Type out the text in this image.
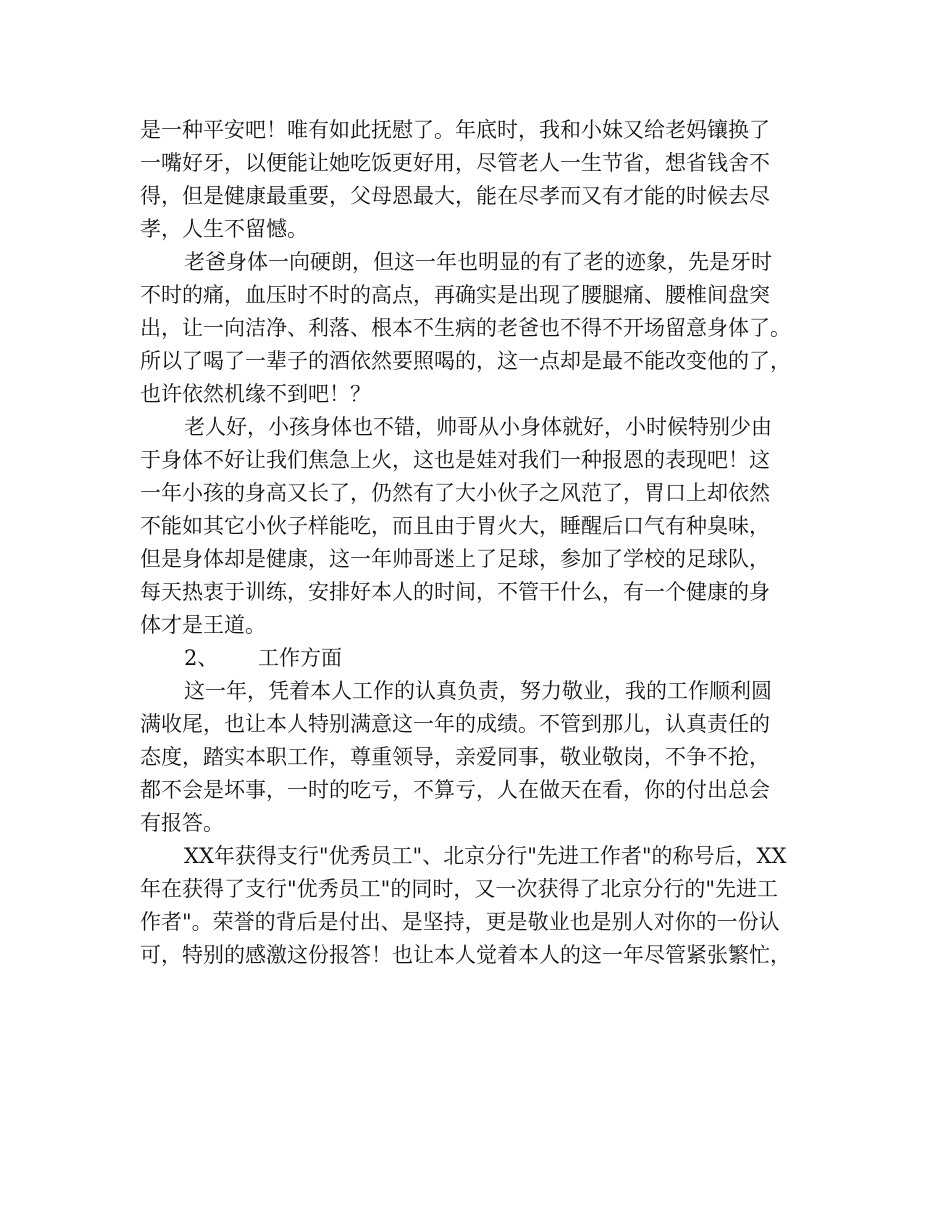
是一种平安吧！唯有如此抚慰了。年底时，我和小妹又给老妈镶换了
一嘴好牙，以便能让她吃饭更好用，尽管老人一生节省，想省钱舍不
得，但是健康最重要，父母恩最大，能在尽孝而又有才能的时候去尽
孝，人生不留憾。
老爸身体一向硬朗，但这一年也明显的有了老的迹象，先是牙时
不时的痛，血压时不时的高点，再确实是出现了腰腿痛、腰椎间盘突
出，让一向洁净、利落、根本不生病的老爸也不得不开场留意身体了。
所以了喝了一辈子的酒依然要照喝的，这一点却是最不能改变他的了，
也许依然机缘不到吧！？
老人好，小孩身体也不错，帅哥从小身体就好，小时候特别少由
于身体不好让我们焦急上火，这也是娃对我们一种报恩的表现吧！这
一年小孩的身高又长了，仍然有了大小伙子之风范了，胃口上却依然
不能如其它小伙子样能吃，而且由于胃火大，睡醒后口气有种臭味，
但是身体却是健康，这一年帅哥迷上了足球，参加了学校的足球队，
每天热衷于训练，安排好本人的时间，不管干什么，有一个健康的身
体才是王道。
2、 工作方面
这一年，凭着本人工作的认真负责，努力敬业，我的工作顺利圆
满收尾，也让本人特别满意这一年的成绩。不管到那儿，认真责任的
态度，踏实本职工作，尊重领导，亲爱同事，敬业敬岗，不争不抢，
都不会是坏事，一时的吃亏，不算亏，人在做天在看，你的付出总会
有报答。
XX年获得支行"优秀员工"、北京分行"先进工作者"的称号后，XX
年在获得了支行"优秀员工"的同时，又一次获得了北京分行的"先进工
作者"。荣誉的背后是付出、是坚持，更是敬业也是别人对你的一份认
可，特别的感激这份报答！也让本人觉着本人的这一年尽管紧张繁忙，
